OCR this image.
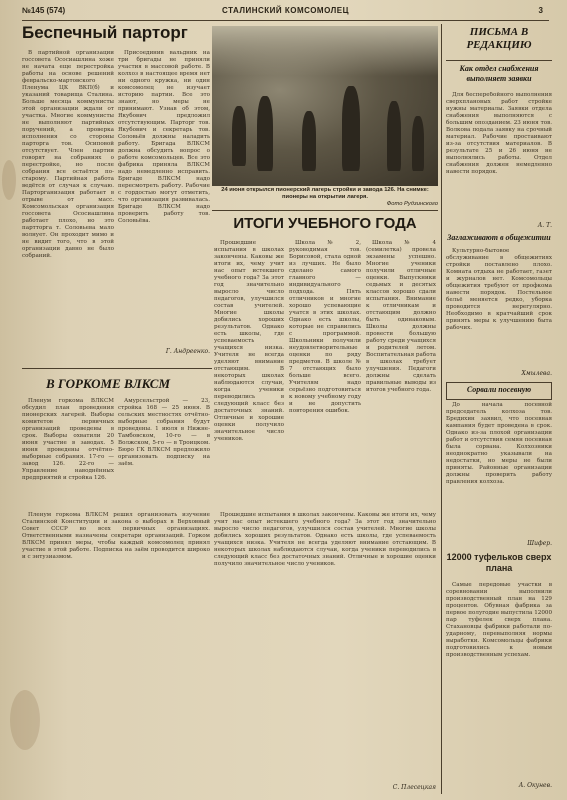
№145 (574)	СТАЛИНСКИЙ КОМСОМОЛЕЦ	3
Беспечный парторг

В партийной организации госсовета Ососиашлина хоже не начата еще перестройка работы на основе решений февральско-мартовского Пленума ЦК ВКП(б) и указаний товарища Сталина. Больше месяца коммунисты этой организации ждали от участка. Многие коммунисты не выполняют партийных поручений, а проверка исполнения со стороны парторга тов. Осиповой отсутствует. Член партии говорят на собраниях о перестройке, но после собрания все остаётся по-старому. Партийная работа ведётся от случая к случаю. Парторганизация работает в отрыве от масс. Комсомольская организация госсовета Ососиашлина работает плохо, но это партторга т. Соловьева мало волнует. Он проходит мимо и не видит того, что в этой организации давно не было собраний.

Присоединив вальдник на три бригады не приняли участия в массовой работе. В колхоз в настоящее время нет ни одного кружка, ни один комсомолец не изучает историю партии. Все это знают, но меры не принимают. Узнав об этом, Якубович предложил отсутствующим. Парторг тов. Якубович и секретарь тов. Соловьёв должны наладить работу. Бригада ВЛКСМ должна обсудить вопрос о работе комсомольцев. Все это фабрика приняла ВЛКСМ надо немедленно исправить. Бригаде ВЛКСМ надо пересмотреть работу. Рабочие с гордостью могут отметить, что организация развивалась. Бригаде ВЛКСМ надо проверить работу тов. Соловьёва.

Г. Андреенко.
24 июня открылся пионерский лагерь стройки и завода 126. На снимке: пионеры на открытии лагеря.
Фото Рудзинского
ИТОГИ УЧЕБНОГО ГОДА

Прошедшие испытания в школах закончены. Каковы же итоги их, чему учит нас опыт истекшего учебного года? За этот год значительно выросло число педагогов, улучшился состав учителей. Многие школы добились хороших результатов. Однако есть школы, где успеваемость учащихся низка. Учителя не всегда уделяют внимание отстающим. В некоторых школах наблюдаются случаи, когда ученики переводились в следующий класс без достаточных знаний. Отличные и хорошие оценки получило значительное число учеников.

Школа № 2, руководимая тов. Борисовой, стала одной из лучших. Не было сделано самого главного — индивидуального подхода. Пять отличников и многие хорошо успевающие учатся в этих школах. Однако есть школы, которые не справились с программой. Школьники получили неудовлетворительные оценки по ряду предметов. В школе № 7 отстающих было больше всего. Учителям надо серьёзно подготовиться к новому учебному году и не допустить повторения ошибок.

Школа № 4 (семилетка) провела экзамены успешно. Многие ученики получили отличные оценки. Выпускники седьмых и десятых классов хорошо сдали испытания. Внимание к отличникам и отстающим должно быть одинаковым. Школы должны провести большую работу среди учащихся и родителей летом. Воспитательная работа в школах требует улучшения. Педагоги должны сделать правильные выводы из итогов учебного года.

В ГОРКОМЕ ВЛКСМ

Пленум горкома ВЛКСМ обсудил план проведения пионерских лагерей. Выборы комитетов первичных организаций проведены в срок. Выборы охватили 20 июня участие в заводах. 5 июня проведены отчётно-выборные собрания. 17-го — завод 126. 22-го — Управление наводнённых предприятий и стройка 126.

Амурсельстрой — 23, стройка 168 — 25 июня. В сельских местностях отчётно-выборные собрания будут проведены. 1 июля в Нижне-Тамбовском, 10-го — в Волжском, 5-го — в Троицком. Бюро ГК ВЛКСМ предложило организовать подписку на заём.

Пленум горкома ВЛКСМ решил организовать изучение Сталинской Конституции и закона о выборах в Верховный Совет СССР во всех первичных организациях. Ответственными назначены секретари организаций. Горком ВЛКСМ принял меры, чтобы каждый комсомолец принял участие в этой работе. Подписка на заём проводится широко и с энтузиазмом.

Прошедшие испытания в школах закончены. Каковы же итоги их, чему учит нас опыт истекшего учебного года? За этот год значительно выросло число педагогов, улучшился состав учителей. Многие школы добились хороших результатов. Однако есть школы, где успеваемость учащихся низка. Учителя не всегда уделяют внимание отстающим. В некоторых школах наблюдаются случаи, когда ученики переводились в следующий класс без достаточных знаний. Отличные и хорошие оценки получило значительное число учеников.

С. Плесецкая
ПИСЬМА В РЕДАКЦИЮ
Как отдел снабжения выполняет заявки

Для бесперебойного выполнения сверхплановых работ стройке нужны материалы. Заявки отдела снабжения выполняются с большим опозданием. 23 июня тов. Волкова подала заявку на срочный материал. Рабочие простаивают из-за отсутствия материалов. В результате 25 и 26 июня не выполнялись работы. Отдел снабжения должен немедленно навести порядок.

А. Т.
Заглаживают в общежитии

Культурно-бытовое обслуживание в общежитиях стройки поставлено плохо. Комната отдыха не работает, газет и журналов нет. Комсомольцы общежития требуют от профкома навести порядок. Постельное бельё меняется редко, уборка проводится нерегулярно. Необходимо в кратчайший срок принять меры к улучшению быта рабочих.

Хмылева.
Сорвали посевную

До начала посевной председатель колхоза тов. Бредихин заявил, что посевная кампания будет проведена в срок. Однако из-за плохой организации работ и отсутствия семян посевная была сорвана. Колхозники неоднократно указывали на недостатки, но меры не были приняты. Районные организации должны проверить работу правления колхоза.

Шифер.
12000 туфельков сверх плана

Самые передовые участки в соревновании выполнили производственный план на 129 процентов. Обувная фабрика за первое полугодие выпустила 12000 пар туфелек сверх плана. Стахановцы фабрики работали по-ударному, перевыполняя нормы выработки. Комсомольцы фабрики подготовились к новым производственным успехам.

А. Окунев.
